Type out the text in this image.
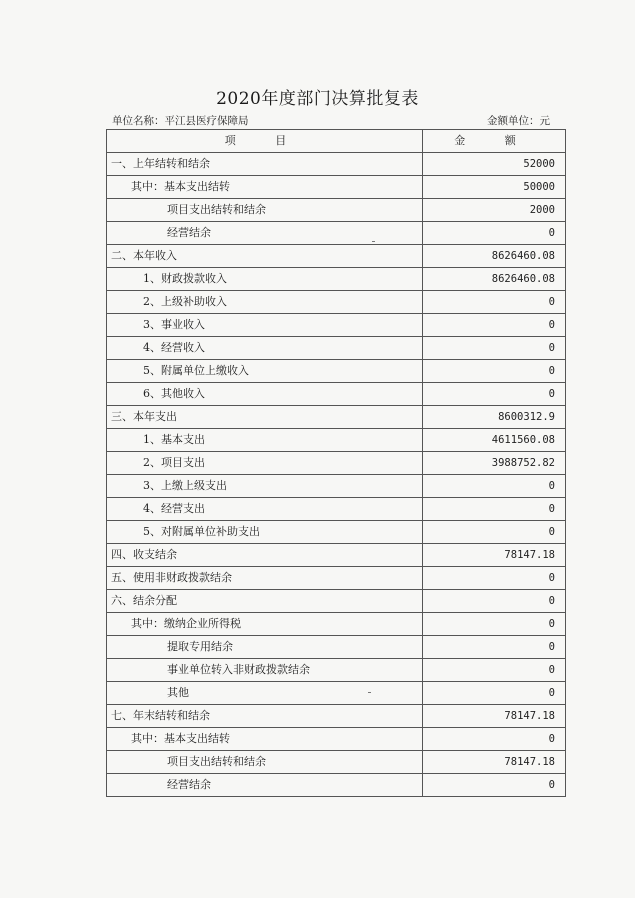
2020年度部门决算批复表
单位名称：平江县医疗保障局	金额单位：元
项 目	金 额
一、上年结转和结余	52000
其中：基本支出结转	50000
项目支出结转和结余	2000
经营结余	0
二、本年收入	8626460.08
1、财政拨款收入	8626460.08
2、上级补助收入	0
3、事业收入	0
4、经营收入	0
5、附属单位上缴收入	0
6、其他收入	0
三、本年支出	8600312.9
1、基本支出	4611560.08
2、项目支出	3988752.82
3、上缴上级支出	0
4、经营支出	0
5、对附属单位补助支出	0
四、收支结余	78147.18
五、使用非财政拨款结余	0
六、结余分配	0
其中：缴纳企业所得税	0
提取专用结余	0
事业单位转入非财政拨款结余	0
其他	0
七、年末结转和结余	78147.18
其中：基本支出结转	0
项目支出结转和结余	78147.18
经营结余	0
